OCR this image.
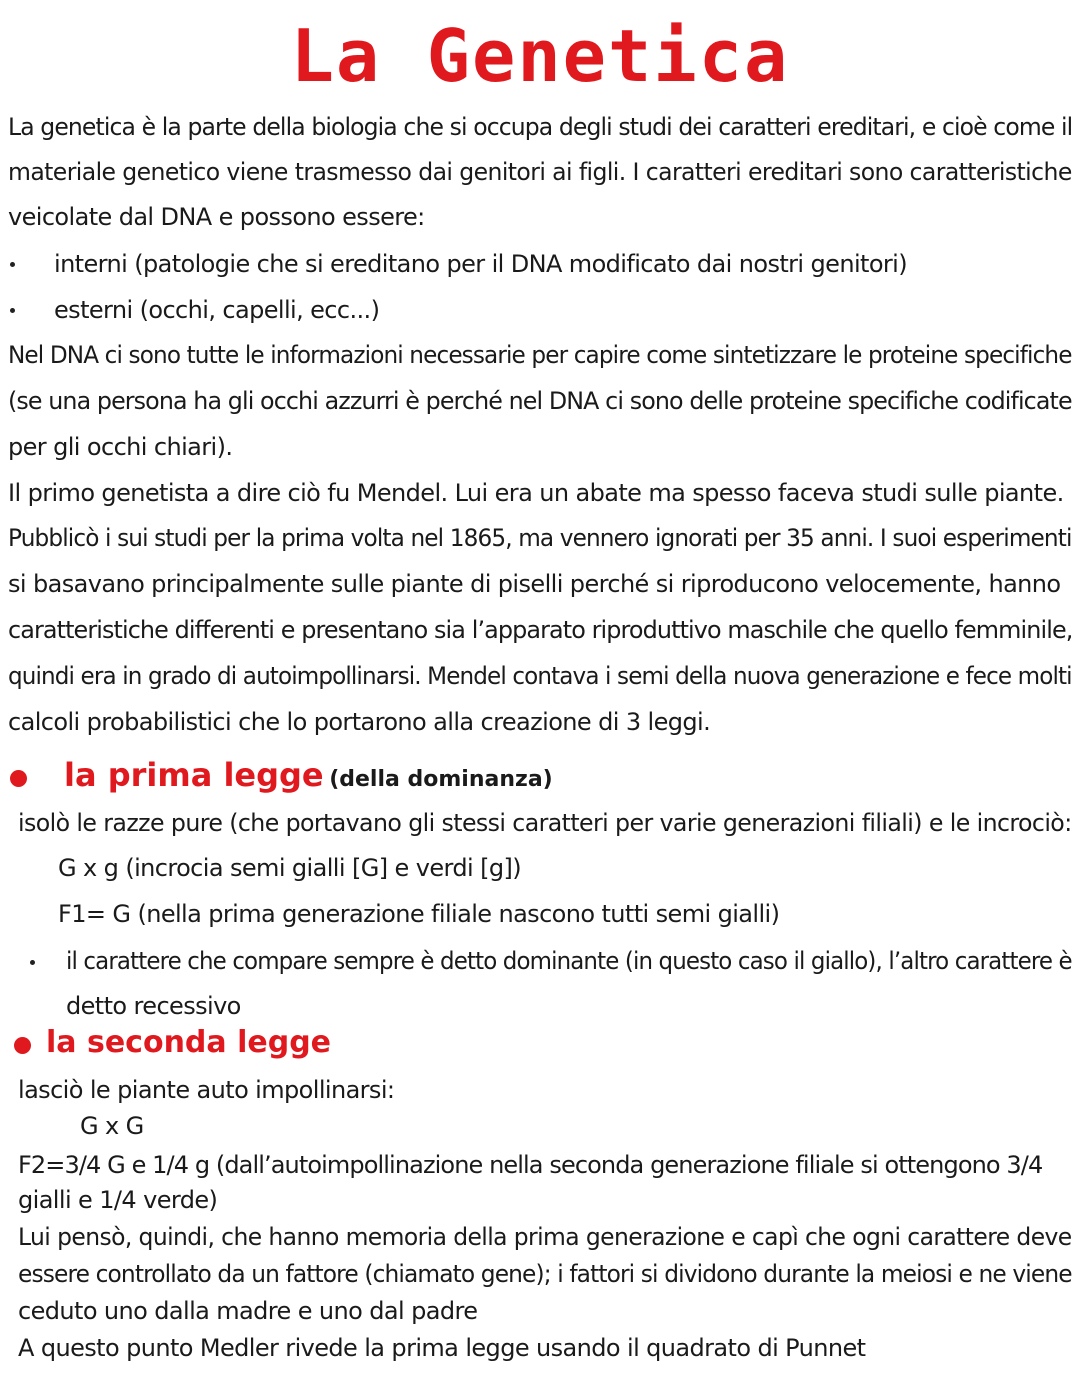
La Genetica
La genetica è la parte della biologia che si occupa degli studi dei caratteri ereditari, e cioè come il
materiale genetico viene trasmesso dai genitori ai figli. I caratteri ereditari sono caratteristiche
veicolate dal DNA e possono essere:
interni (patologie che si ereditano per il DNA modificato dai nostri genitori)
esterni (occhi, capelli, ecc...)
Nel DNA ci sono tutte le informazioni necessarie per capire come sintetizzare le proteine specifiche
(se una persona ha gli occhi azzurri è perché nel DNA ci sono delle proteine specifiche codificate
per gli occhi chiari).
Il primo genetista a dire ciò fu Mendel. Lui era un abate ma spesso faceva studi sulle piante.
Pubblicò i sui studi per la prima volta nel 1865, ma vennero ignorati per 35 anni. I suoi esperimenti
si basavano principalmente sulle piante di piselli perché si riproducono velocemente, hanno
caratteristiche differenti e presentano sia l’apparato riproduttivo maschile che quello femminile,
quindi era in grado di autoimpollinarsi. Mendel contava i semi della nuova generazione e fece molti
calcoli probabilistici che lo portarono alla creazione di 3 leggi.
la prima legge (della dominanza)
isolò le razze pure (che portavano gli stessi caratteri per varie generazioni filiali) e le incrociò:
G x g (incrocia semi gialli [G] e verdi [g])
F1= G (nella prima generazione filiale nascono tutti semi gialli)
il carattere che compare sempre è detto dominante (in questo caso il giallo), l’altro carattere è
detto recessivo
la seconda legge
lasciò le piante auto impollinarsi:
G x G
F2=3/4 G e 1/4 g (dall’autoimpollinazione nella seconda generazione filiale si ottengono 3/4
gialli e 1/4 verde)
Lui pensò, quindi, che hanno memoria della prima generazione e capì che ogni carattere deve
essere controllato da un fattore (chiamato gene); i fattori si dividono durante la meiosi e ne viene
ceduto uno dalla madre e uno dal padre
A questo punto Medler rivede la prima legge usando il quadrato di Punnet
